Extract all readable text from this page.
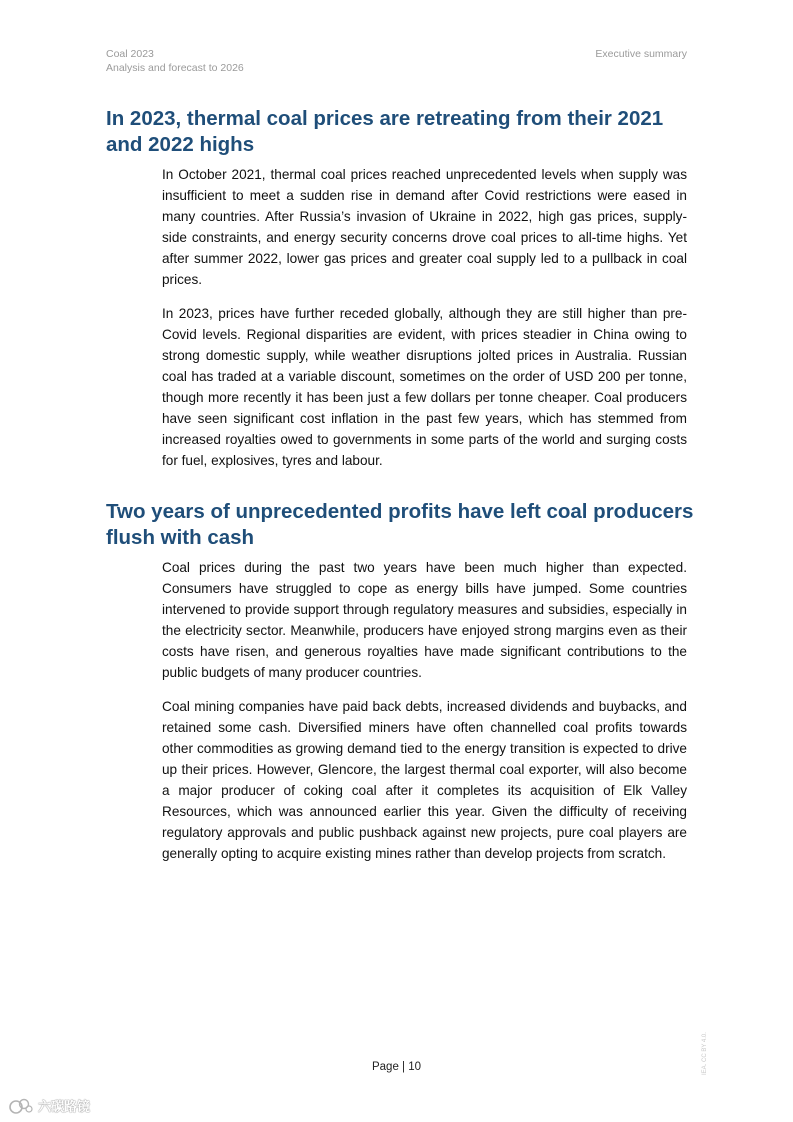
Coal 2023
Analysis and forecast to 2026
Executive summary
In 2023, thermal coal prices are retreating from their 2021 and 2022 highs

In October 2021, thermal coal prices reached unprecedented levels when supply was insufficient to meet a sudden rise in demand after Covid restrictions were eased in many countries. After Russia’s invasion of Ukraine in 2022, high gas prices, supply-side constraints, and energy security concerns drove coal prices to all-time highs. Yet after summer 2022, lower gas prices and greater coal supply led to a pullback in coal prices.

In 2023, prices have further receded globally, although they are still higher than pre-Covid levels. Regional disparities are evident, with prices steadier in China owing to strong domestic supply, while weather disruptions jolted prices in Australia. Russian coal has traded at a variable discount, sometimes on the order of USD 200 per tonne, though more recently it has been just a few dollars per tonne cheaper. Coal producers have seen significant cost inflation in the past few years, which has stemmed from increased royalties owed to governments in some parts of the world and surging costs for fuel, explosives, tyres and labour.

Two years of unprecedented profits have left coal producers flush with cash

Coal prices during the past two years have been much higher than expected. Consumers have struggled to cope as energy bills have jumped. Some countries intervened to provide support through regulatory measures and subsidies, especially in the electricity sector. Meanwhile, producers have enjoyed strong margins even as their costs have risen, and generous royalties have made significant contributions to the public budgets of many producer countries.

Coal mining companies have paid back debts, increased dividends and buybacks, and retained some cash. Diversified miners have often channelled coal profits towards other commodities as growing demand tied to the energy transition is expected to drive up their prices. However, Glencore, the largest thermal coal exporter, will also become a major producer of coking coal after it completes its acquisition of Elk Valley Resources, which was announced earlier this year. Given the difficulty of receiving regulatory approvals and public pushback against new projects, pure coal players are generally opting to acquire existing mines rather than develop projects from scratch.

Page | 10	IEA. CC BY 4.0.
六碳路镜
